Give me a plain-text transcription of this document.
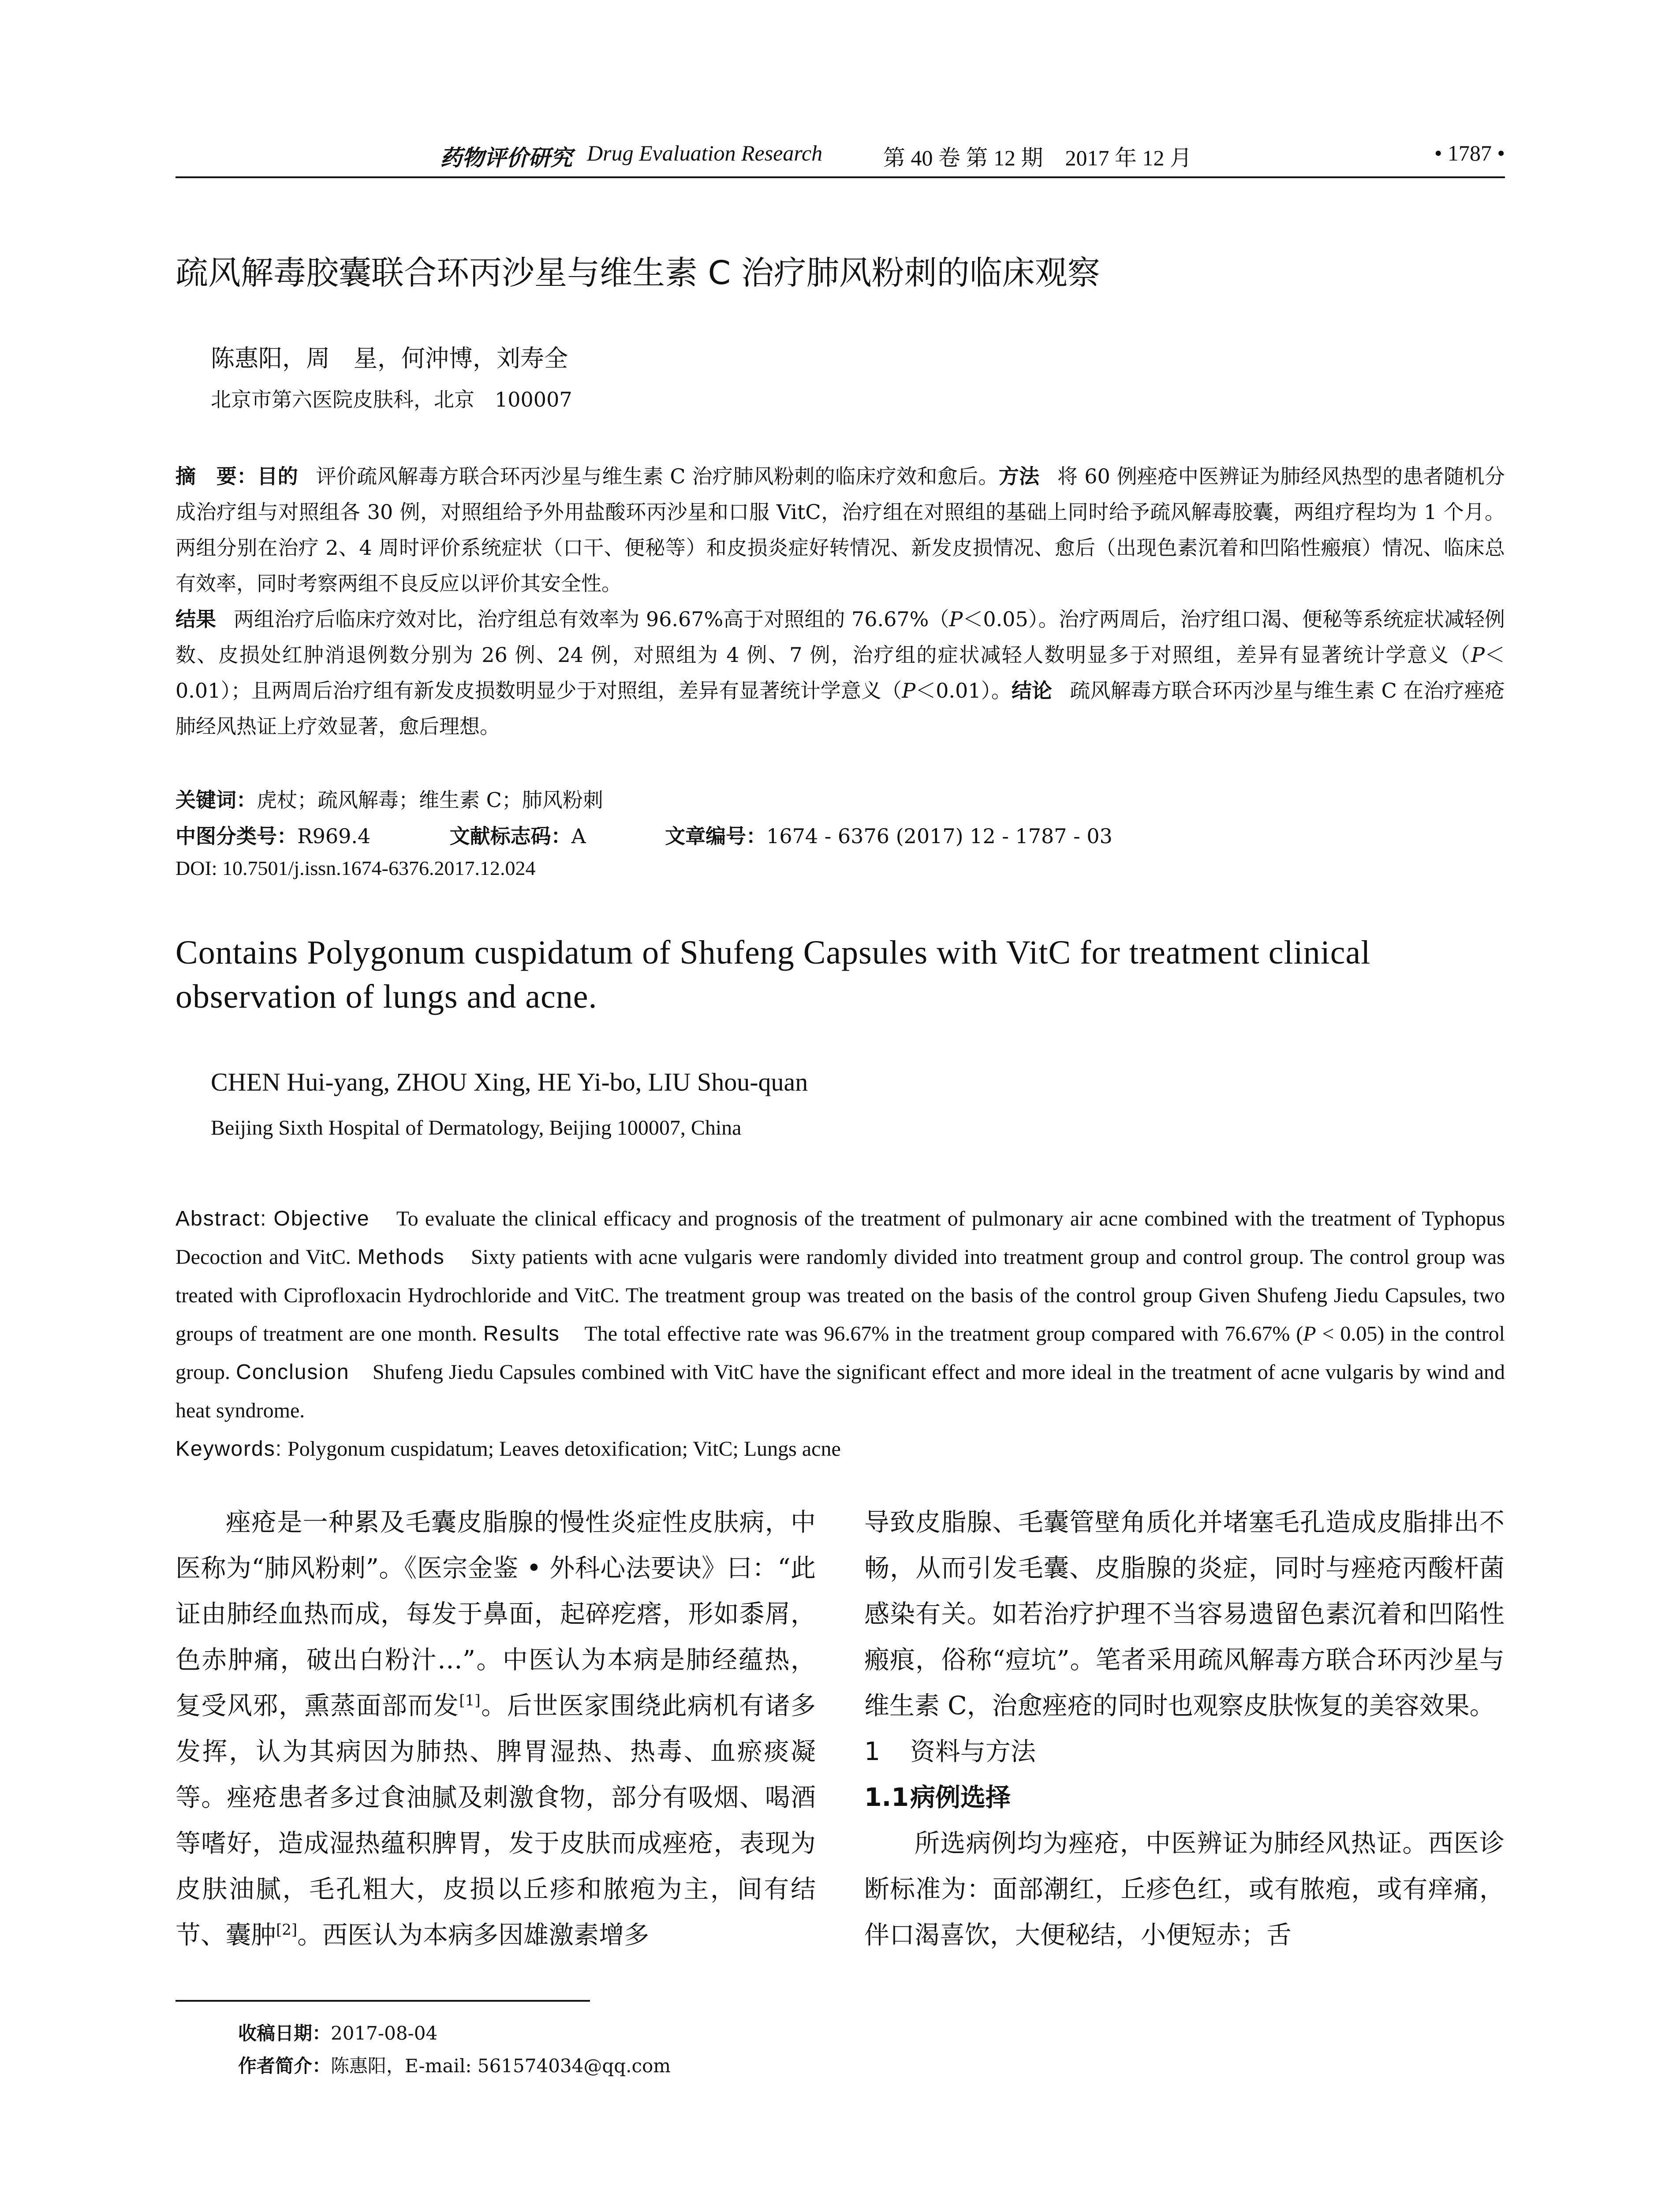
药物评价研究 Drug Evaluation Research	第 40 卷 第 12 期　2017 年 12 月	• 1787 •
疏风解毒胶囊联合环丙沙星与维生素 C 治疗肺风粉刺的临床观察
陈惠阳，周　星，何沖博，刘寿全
北京市第六医院皮肤科，北京　100007
摘　要：目的 评价疏风解毒方联合环丙沙星与维生素 C 治疗肺风粉刺的临床疗效和愈后。方法 将 60 例痤疮中医辨证为肺经风热型的患者随机分成治疗组与对照组各 30 例，对照组给予外用盐酸环丙沙星和口服 VitC，治疗组在对照组的基础上同时给予疏风解毒胶囊，两组疗程均为 1 个月。两组分别在治疗 2、4 周时评价系统症状（口干、便秘等）和皮损炎症好转情况、新发皮损情况、愈后（出现色素沉着和凹陷性瘢痕）情况、临床总有效率，同时考察两组不良反应以评价其安全性。
结果 两组治疗后临床疗效对比，治疗组总有效率为 96.67%高于对照组的 76.67%（P＜0.05）。治疗两周后，治疗组口渴、便秘等系统症状减轻例数、皮损处红肿消退例数分别为 26 例、24 例，对照组为 4 例、7 例，治疗组的症状减轻人数明显多于对照组，差异有显著统计学意义（P＜0.01）；且两周后治疗组有新发皮损数明显少于对照组，差异有显著统计学意义（P＜0.01）。结论 疏风解毒方联合环丙沙星与维生素 C 在治疗痤疮肺经风热证上疗效显著，愈后理想。
关键词：虎杖；疏风解毒；维生素 C；肺风粉刺
中图分类号：R969.4	文献标志码：A	文章编号：1674 - 6376 (2017) 12 - 1787 - 03
DOI: 10.7501/j.issn.1674-6376.2017.12.024
Contains Polygonum cuspidatum of Shufeng Capsules with VitC for treatment clinical observation of lungs and acne.
CHEN Hui-yang, ZHOU Xing, HE Yi-bo, LIU Shou-quan
Beijing Sixth Hospital of Dermatology, Beijing 100007, China
Abstract: Objective To evaluate the clinical efficacy and prognosis of the treatment of pulmonary air acne combined with the treatment of Typhopus Decoction and VitC. Methods Sixty patients with acne vulgaris were randomly divided into treatment group and control group. The control group was treated with Ciprofloxacin Hydrochloride and VitC. The treatment group was treated on the basis of the control group Given Shufeng Jiedu Capsules, two groups of treatment are one month. Results The total effective rate was 96.67% in the treatment group compared with 76.67% (P < 0.05) in the control group. Conclusion Shufeng Jiedu Capsules combined with VitC have the significant effect and more ideal in the treatment of acne vulgaris by wind and heat syndrome.
Keywords: Polygonum cuspidatum; Leaves detoxification; VitC; Lungs acne

痤疮是一种累及毛囊皮脂腺的慢性炎症性皮肤病，中医称为“肺风粉刺”。《医宗金鉴 • 外科心法要诀》曰：“此证由肺经血热而成，每发于鼻面，起碎疙瘩，形如黍屑，色赤肿痛，破出白粉汁…”。中医认为本病是肺经蕴热，复受风邪，熏蒸面部而发[1]。后世医家围绕此病机有诸多发挥，认为其病因为肺热、脾胃湿热、热毒、血瘀痰凝等。痤疮患者多过食油腻及刺激食物，部分有吸烟、喝酒等嗜好，造成湿热蕴积脾胃，发于皮肤而成痤疮，表现为皮肤油腻，毛孔粗大，皮损以丘疹和脓疱为主，间有结节、囊肿[2]。西医认为本病多因雄激素增多

导致皮脂腺、毛囊管壁角质化并堵塞毛孔造成皮脂排出不畅，从而引发毛囊、皮脂腺的炎症，同时与痤疮丙酸杆菌感染有关。如若治疗护理不当容易遗留色素沉着和凹陷性瘢痕，俗称“痘坑”。笔者采用疏风解毒方联合环丙沙星与维生素 C，治愈痤疮的同时也观察皮肤恢复的美容效果。

1 资料与方法

1.1病例选择

所选病例均为痤疮，中医辨证为肺经风热证。西医诊断标准为：面部潮红，丘疹色红，或有脓疱，或有痒痛，伴口渴喜饮，大便秘结，小便短赤；舌

收稿日期：2017-08-04
作者简介：陈惠阳，E-mail: 561574034@qq.com
